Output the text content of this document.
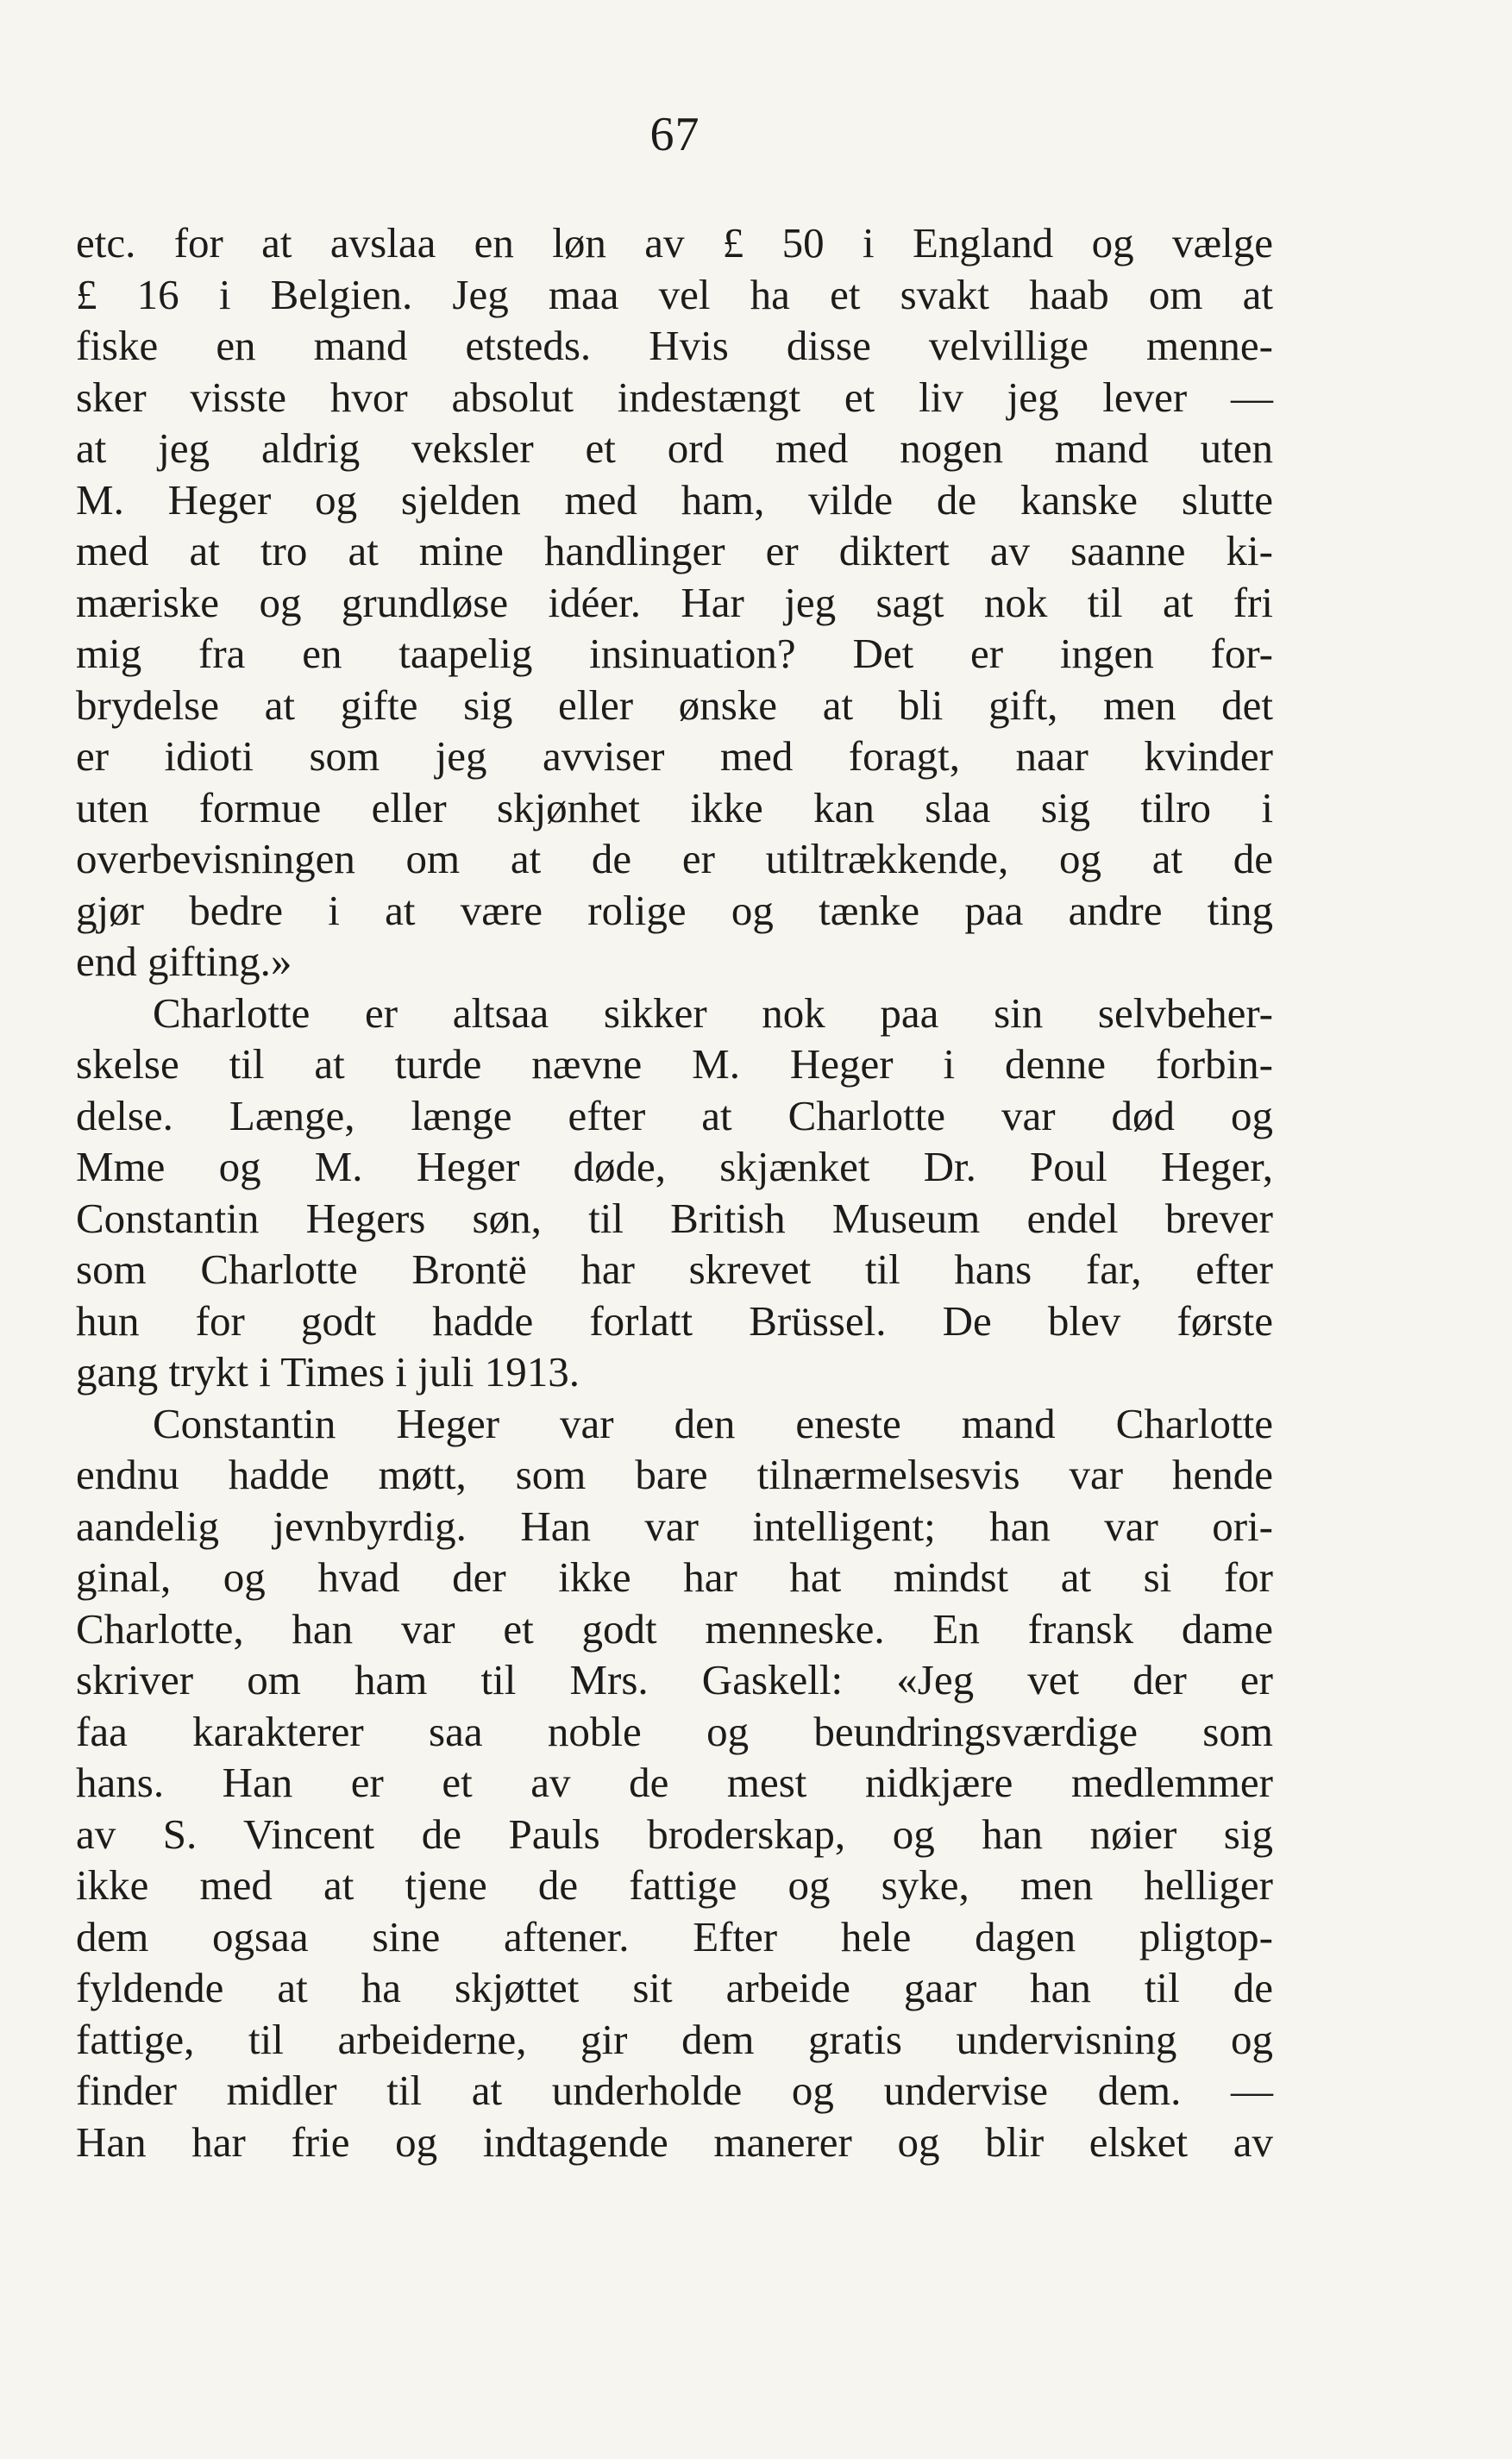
67
etc. for at avslaa en løn av £ 50 i England og vælge
£ 16 i Belgien. Jeg maa vel ha et svakt haab om at
fiske en mand etsteds. Hvis disse velvillige menne-
sker visste hvor absolut indestængt et liv jeg lever —
at jeg aldrig veksler et ord med nogen mand uten
M. Heger og sjelden med ham, vilde de kanske slutte
med at tro at mine handlinger er diktert av saanne ki-
mæriske og grundløse idéer. Har jeg sagt nok til at fri
mig fra en taapelig insinuation? Det er ingen for-
brydelse at gifte sig eller ønske at bli gift, men det
er idioti som jeg avviser med foragt, naar kvinder
uten formue eller skjønhet ikke kan slaa sig tilro i
overbevisningen om at de er utiltrækkende, og at de
gjør bedre i at være rolige og tænke paa andre ting
end gifting.»
Charlotte er altsaa sikker nok paa sin selvbeher-
skelse til at turde nævne M. Heger i denne forbin-
delse. Længe, længe efter at Charlotte var død og
Mme og M. Heger døde, skjænket Dr. Poul Heger,
Constantin Hegers søn, til British Museum endel brever
som Charlotte Brontë har skrevet til hans far, efter
hun for godt hadde forlatt Brüssel. De blev første
gang trykt i Times i juli 1913.
Constantin Heger var den eneste mand Charlotte
endnu hadde møtt, som bare tilnærmelsesvis var hende
aandelig jevnbyrdig. Han var intelligent; han var ori-
ginal, og hvad der ikke har hat mindst at si for
Charlotte, han var et godt menneske. En fransk dame
skriver om ham til Mrs. Gaskell: «Jeg vet der er
faa karakterer saa noble og beundringsværdige som
hans. Han er et av de mest nidkjære medlemmer
av S. Vincent de Pauls broderskap, og han nøier sig
ikke med at tjene de fattige og syke, men helliger
dem ogsaa sine aftener. Efter hele dagen pligtop-
fyldende at ha skjøttet sit arbeide gaar han til de
fattige, til arbeiderne, gir dem gratis undervisning og
finder midler til at underholde og undervise dem. —
Han har frie og indtagende manerer og blir elsket av
